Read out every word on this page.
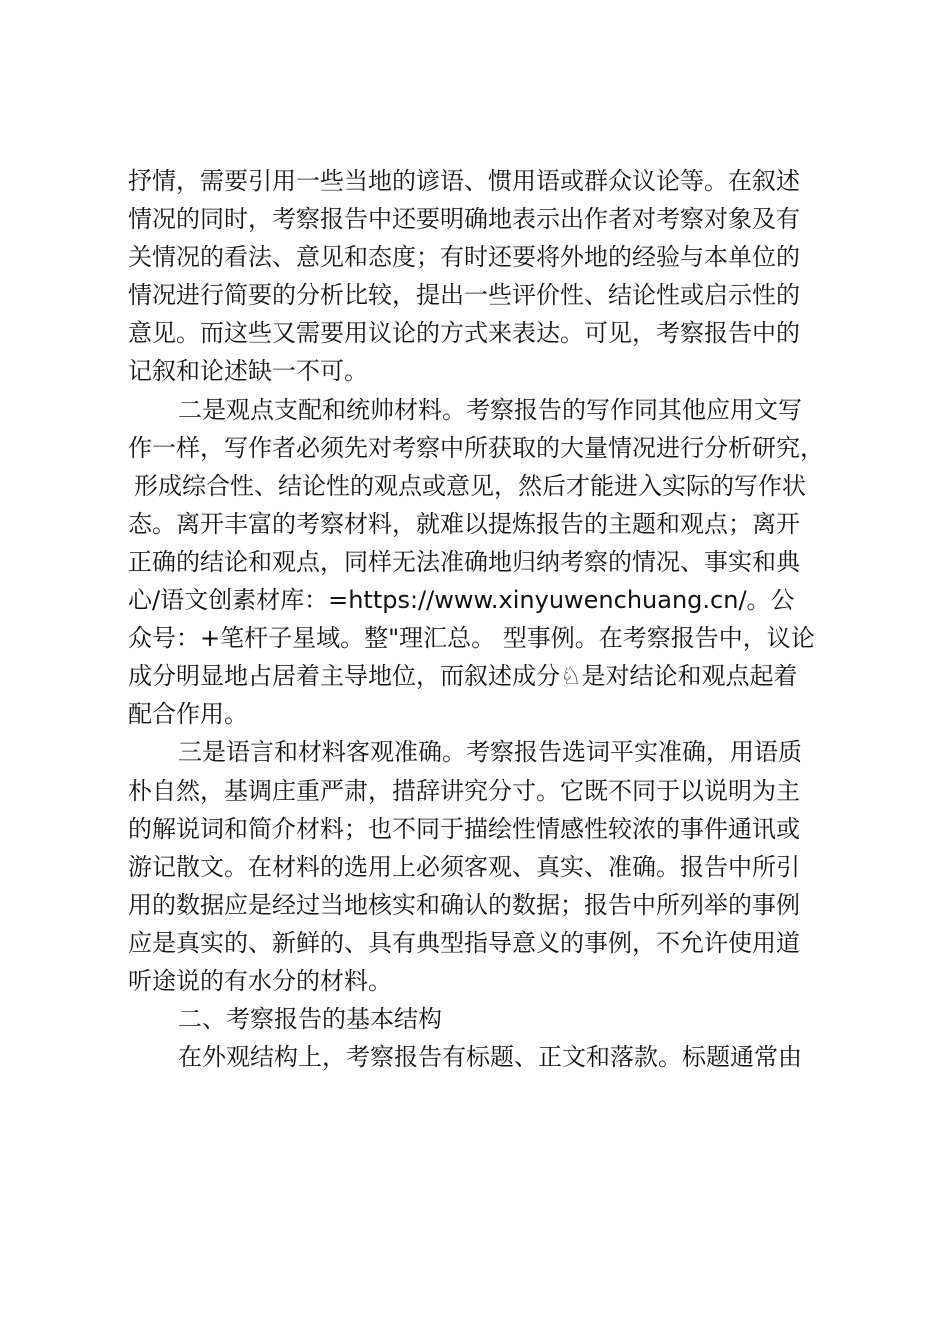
抒情，需要引用一些当地的谚语、惯用语或群众议论等。在叙述
情况的同时，考察报告中还要明确地表示出作者对考察对象及有
关情况的看法、意见和态度；有时还要将外地的经验与本单位的
情况进行简要的分析比较，提出一些评价性、结论性或启示性的
意见。而这些又需要用议论的方式来表达。可见，考察报告中的
记叙和论述缺一不可。
二是观点支配和统帅材料。考察报告的写作同其他应用文写
作一样，写作者必须先对考察中所获取的大量情况进行分析研究，
形成综合性、结论性的观点或意见，然后才能进入实际的写作状
态。离开丰富的考察材料，就难以提炼报告的主题和观点；离开
正确的结论和观点，同样无法准确地归纳考察的情况、事实和典
心/语文创素材库：=https://www.xinyuwenchuang.cn/。公
众号：+笔杆子星域。整"理汇总。 型事例。在考察报告中，议论
成分明显地占居着主导地位，而叙述成分♘是对结论和观点起着
配合作用。
三是语言和材料客观准确。考察报告选词平实准确，用语质
朴自然，基调庄重严肃，措辞讲究分寸。它既不同于以说明为主
的解说词和简介材料；也不同于描绘性情感性较浓的事件通讯或
游记散文。在材料的选用上必须客观、真实、准确。报告中所引
用的数据应是经过当地核实和确认的数据；报告中所列举的事例
应是真实的、新鲜的、具有典型指导意义的事例，不允许使用道
听途说的有水分的材料。
二、考察报告的基本结构
在外观结构上，考察报告有标题、正文和落款。标题通常由
